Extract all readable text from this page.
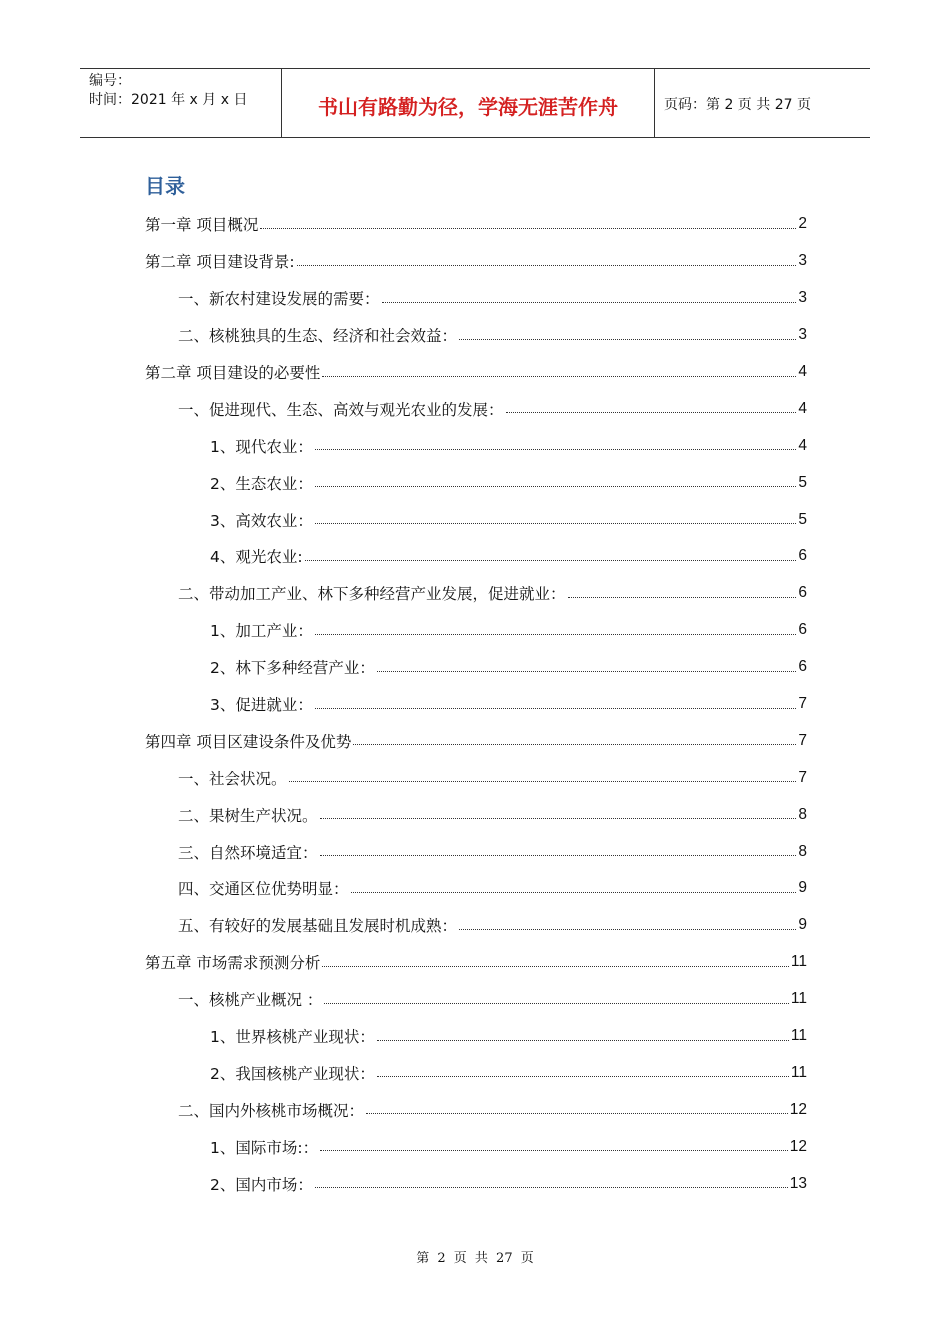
编号：
时间：2021 年 x 月 x 日	书山有路勤为径，学海无涯苦作舟	页码：第 2 页 共 27 页
目录
第一章 项目概况	2
第二章 项目建设背景:	3
一、新农村建设发展的需要：	3
二、核桃独具的生态、经济和社会效益：	3
第二章 项目建设的必要性	4
一、促进现代、生态、高效与观光农业的发展：	4
1、现代农业：	4
2、生态农业：	5
3、高效农业：	5
4、观光农业:	6
二、带动加工产业、林下多种经营产业发展，促进就业：	6
1、加工产业：	6
2、林下多种经营产业：	6
3、促进就业：	7
第四章 项目区建设条件及优势	7
一、社会状况。	7
二、果树生产状况。	8
三、自然环境适宜：	8
四、交通区位优势明显：	9
五、有较好的发展基础且发展时机成熟：	9
第五章 市场需求预测分析	11
一、核桃产业概况 ：	11
1、世界核桃产业现状：	11
2、我国核桃产业现状：	11
二、国内外核桃市场概况：	12
1、国际市场:：	12
2、国内市场：	13
第 2 页 共 27 页
